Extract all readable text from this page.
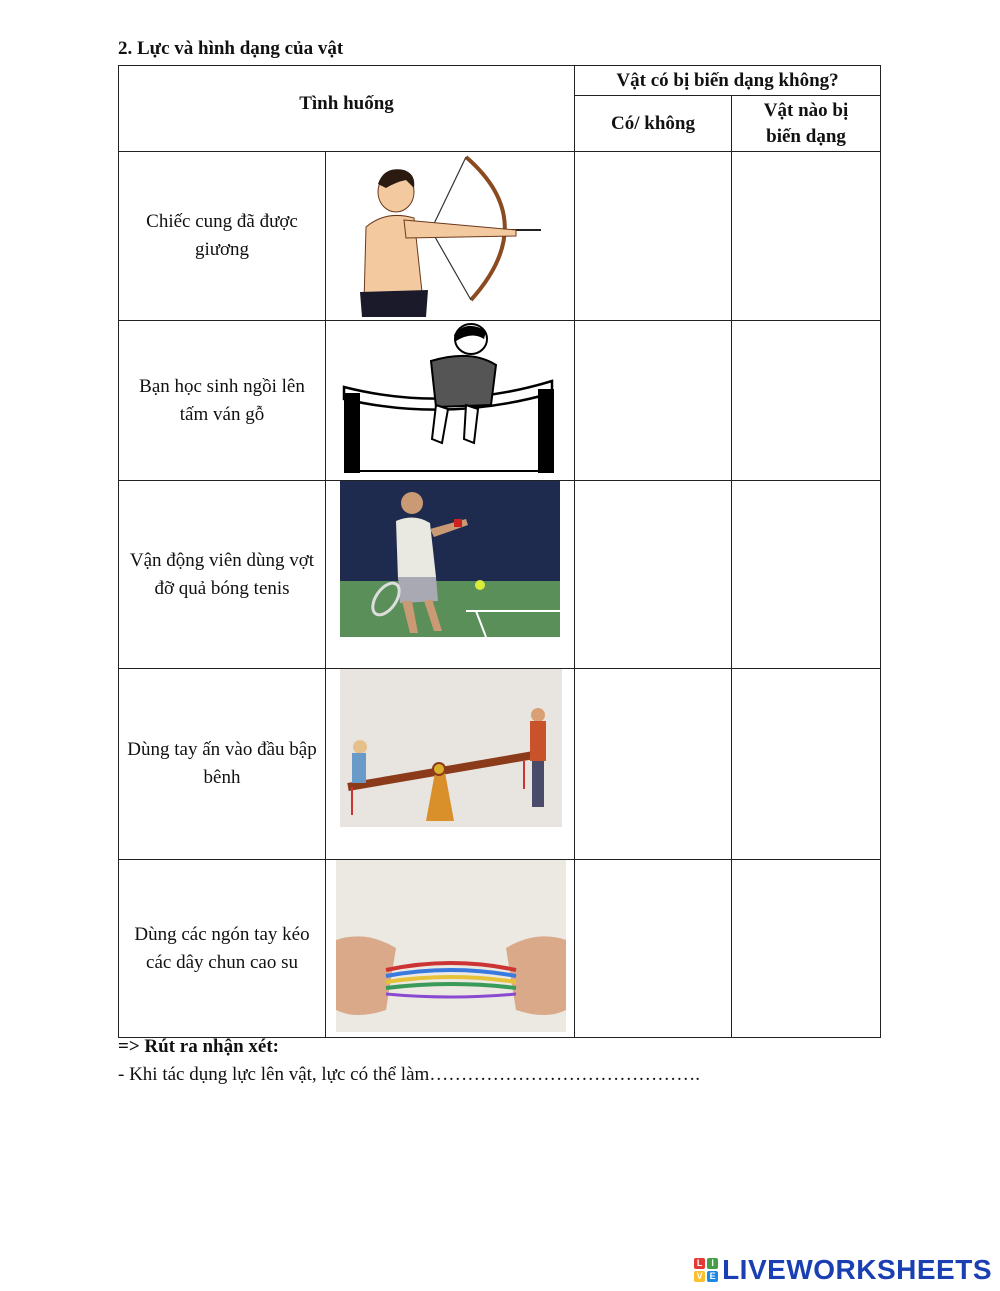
2. Lực và hình dạng của vật
Tình huống		Vật có bị biến dạng không?	
		Có/ không	Vật nào bị biến dạng

Chiếc cung đã được giương

Bạn học sinh ngồi lên tấm ván gỗ

Vận động viên dùng vợt đỡ quả bóng tenis

Dùng tay ấn vào đầu bập bênh

Dùng các ngón tay kéo các dây chun cao su

=> Rút ra nhận xét:
- Khi tác dụng lực lên vật, lực có thể làm…………………………………….
L I
V E LIVEWORKSHEETS
